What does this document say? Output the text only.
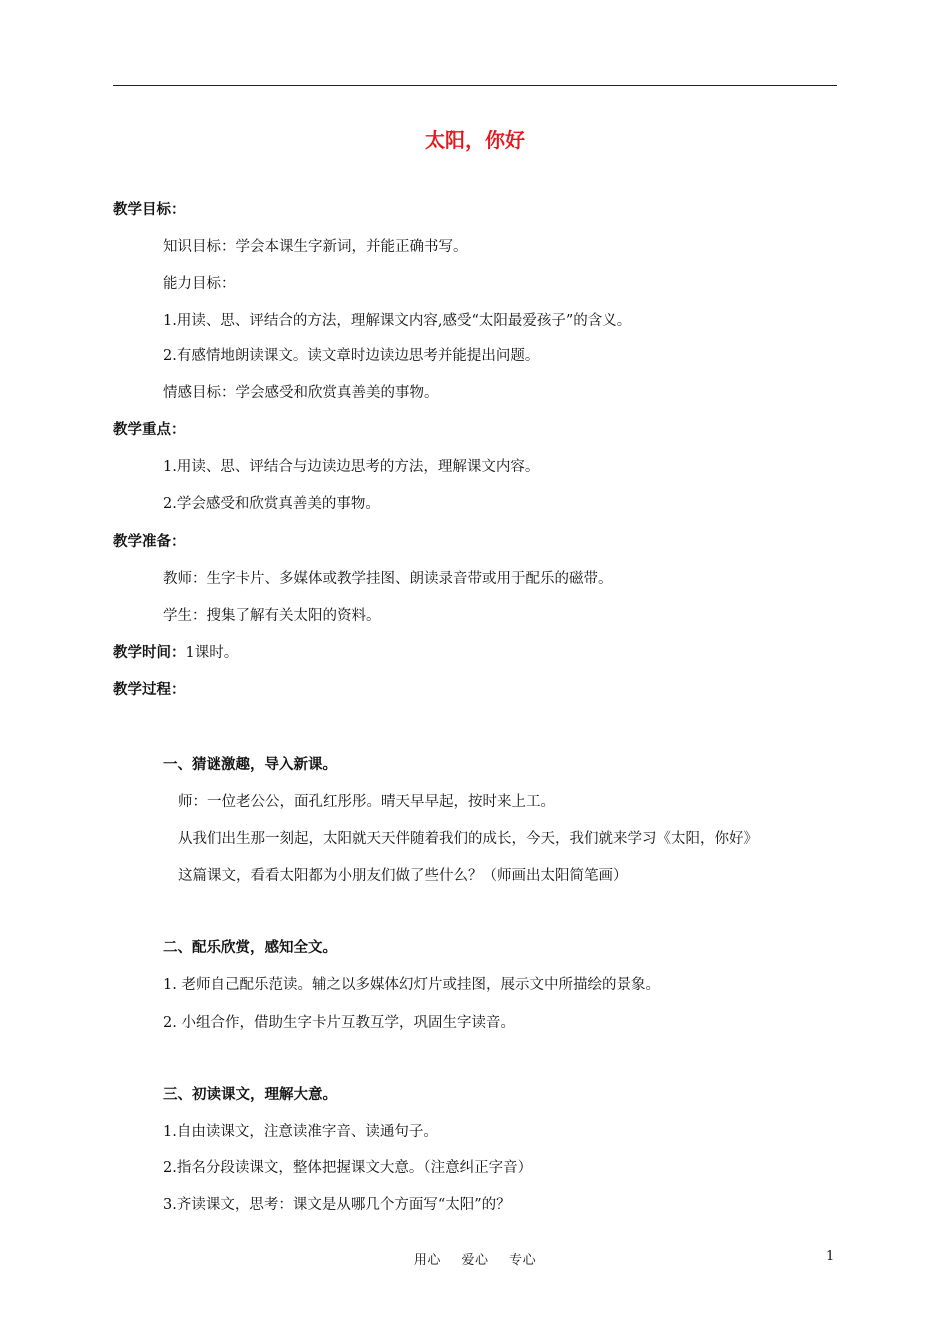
太阳，你好
教学目标：
知识目标：学会本课生字新词，并能正确书写。
能力目标：
1.用读、思、评结合的方法，理解课文内容,感受“太阳最爱孩子”的含义。
2.有感情地朗读课文。读文章时边读边思考并能提出问题。
情感目标：学会感受和欣赏真善美的事物。
教学重点：
1.用读、思、评结合与边读边思考的方法，理解课文内容。
2.学会感受和欣赏真善美的事物。
教学准备：
教师：生字卡片、多媒体或教学挂图、朗读录音带或用于配乐的磁带。
学生：搜集了解有关太阳的资料。
教学时间：1课时。
教学过程：
一、猜谜激趣，导入新课。
师：一位老公公，面孔红彤彤。晴天早早起，按时来上工。
从我们出生那一刻起，太阳就天天伴随着我们的成长，今天，我们就来学习《太阳，你好》
这篇课文，看看太阳都为小朋友们做了些什么？（师画出太阳简笔画）
二、配乐欣赏，感知全文。
1. 老师自己配乐范读。辅之以多媒体幻灯片或挂图，展示文中所描绘的景象。
2. 小组合作，借助生字卡片互教互学，巩固生字读音。
三、初读课文，理解大意。
1.自由读课文，注意读准字音、读通句子。
2.指名分段读课文，整体把握课文大意。（注意纠正字音）
3.齐读课文，思考：课文是从哪几个方面写“太阳”的？
用心 爱心 专心	1
